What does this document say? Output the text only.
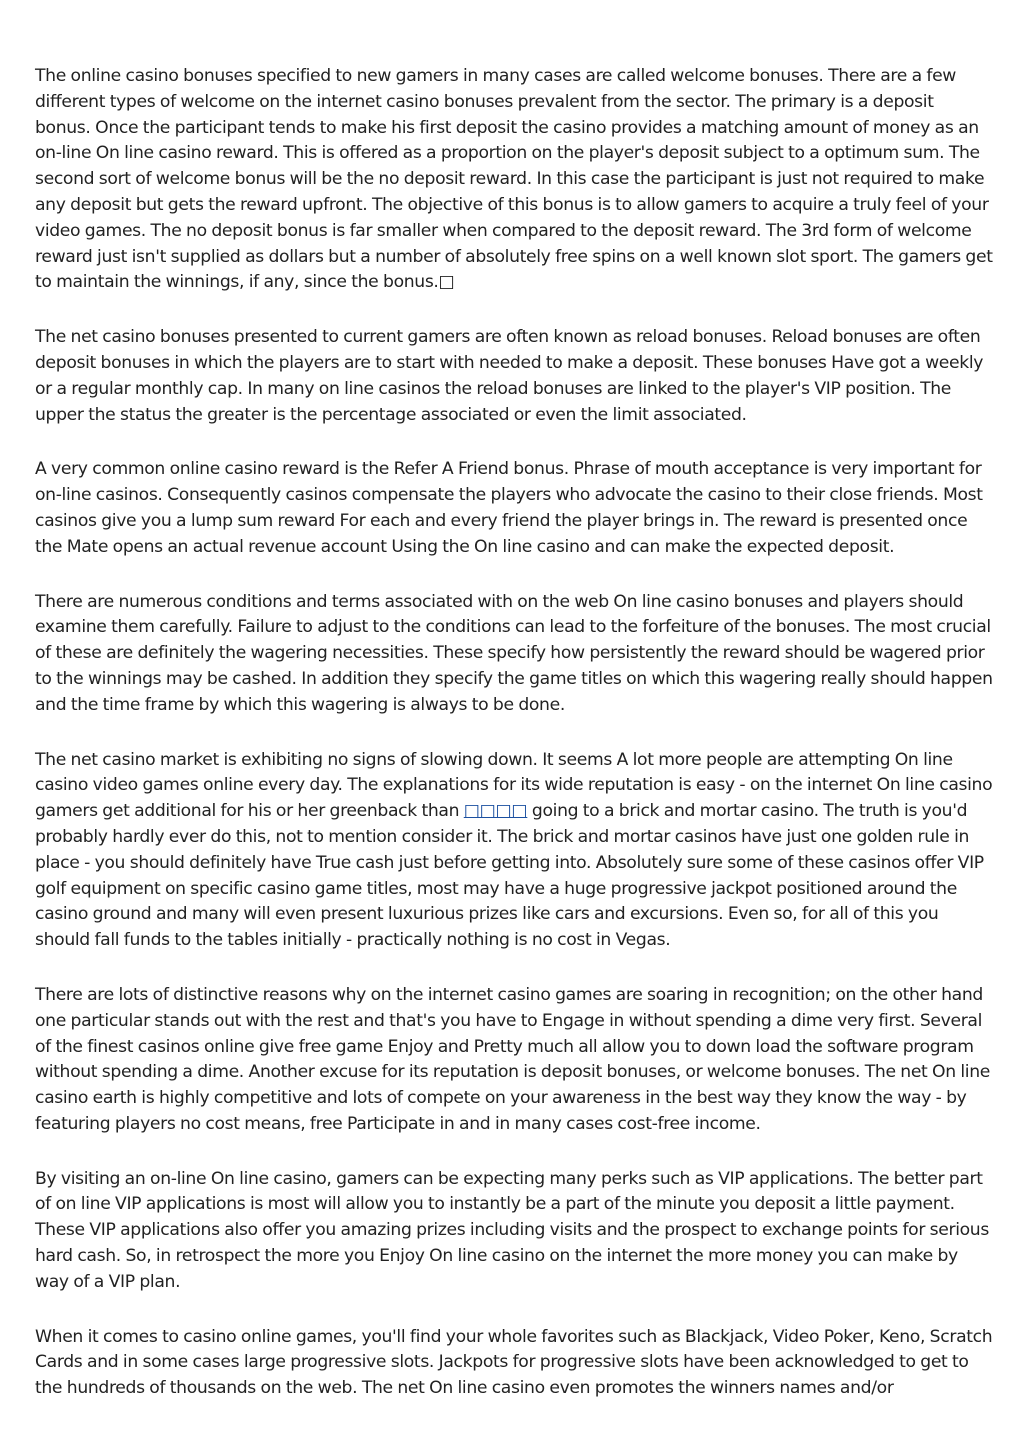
The online casino bonuses specified to new gamers in many cases are called welcome bonuses. There are a few different types of welcome on the internet casino bonuses prevalent from the sector. The primary is a deposit bonus. Once the participant tends to make his first deposit the casino provides a matching amount of money as an on-line On line casino reward. This is offered as a proportion on the player's deposit subject to a optimum sum. The second sort of welcome bonus will be the no deposit reward. In this case the participant is just not required to make any deposit but gets the reward upfront. The objective of this bonus is to allow gamers to acquire a truly feel of your video games. The no deposit bonus is far smaller when compared to the deposit reward. The 3rd form of welcome reward just isn't supplied as dollars but a number of absolutely free spins on a well known slot sport. The gamers get to maintain the winnings, if any, since the bonus.□

The net casino bonuses presented to current gamers are often known as reload bonuses. Reload bonuses are often deposit bonuses in which the players are to start with needed to make a deposit. These bonuses Have got a weekly or a regular monthly cap. In many on line casinos the reload bonuses are linked to the player's VIP position. The upper the status the greater is the percentage associated or even the limit associated.

A very common online casino reward is the Refer A Friend bonus. Phrase of mouth acceptance is very important for on-line casinos. Consequently casinos compensate the players who advocate the casino to their close friends. Most casinos give you a lump sum reward For each and every friend the player brings in. The reward is presented once the Mate opens an actual revenue account Using the On line casino and can make the expected deposit.

There are numerous conditions and terms associated with on the web On line casino bonuses and players should examine them carefully. Failure to adjust to the conditions can lead to the forfeiture of the bonuses. The most crucial of these are definitely the wagering necessities. These specify how persistently the reward should be wagered prior to the winnings may be cashed. In addition they specify the game titles on which this wagering really should happen and the time frame by which this wagering is always to be done.

The net casino market is exhibiting no signs of slowing down. It seems A lot more people are attempting On line casino video games online every day. The explanations for its wide reputation is easy - on the internet On line casino gamers get additional for his or her greenback than □□□□ going to a brick and mortar casino. The truth is you'd probably hardly ever do this, not to mention consider it. The brick and mortar casinos have just one golden rule in place - you should definitely have True cash just before getting into. Absolutely sure some of these casinos offer VIP golf equipment on specific casino game titles, most may have a huge progressive jackpot positioned around the casino ground and many will even present luxurious prizes like cars and excursions. Even so, for all of this you should fall funds to the tables initially - practically nothing is no cost in Vegas.

There are lots of distinctive reasons why on the internet casino games are soaring in recognition; on the other hand one particular stands out with the rest and that's you have to Engage in without spending a dime very first. Several of the finest casinos online give free game Enjoy and Pretty much all allow you to down load the software program without spending a dime. Another excuse for its reputation is deposit bonuses, or welcome bonuses. The net On line casino earth is highly competitive and lots of compete on your awareness in the best way they know the way - by featuring players no cost means, free Participate in and in many cases cost-free income.

By visiting an on-line On line casino, gamers can be expecting many perks such as VIP applications. The better part of on line VIP applications is most will allow you to instantly be a part of the minute you deposit a little payment. These VIP applications also offer you amazing prizes including visits and the prospect to exchange points for serious hard cash. So, in retrospect the more you Enjoy On line casino on the internet the more money you can make by way of a VIP plan.

When it comes to casino online games, you'll find your whole favorites such as Blackjack, Video Poker, Keno, Scratch Cards and in some cases large progressive slots. Jackpots for progressive slots have been acknowledged to get to the hundreds of thousands on the web. The net On line casino even promotes the winners names and/or
